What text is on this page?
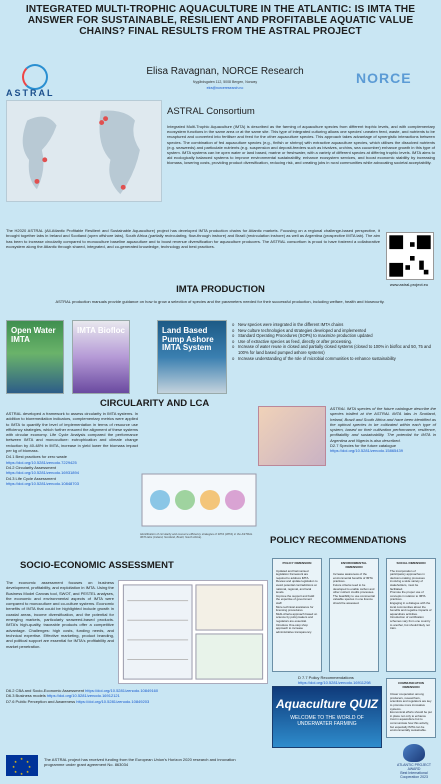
INTEGRATED MULTI-TROPHIC AQUACULTURE IN THE ATLANTIC: IS IMTA THE ANSWER FOR SUSTAINABLE, RESILIENT AND PROFITABLE AQUATIC VALUE CHAINS? FINAL RESULTS FROM THE ASTRAL PROJECT
ASTRAL
Elisa Ravagnan, NORCE Research
Nygårdsgaten 112, 5008 Bergen, Norway
elra@norceresearch.no
NORCE
ASTRAL Consortium
Integrated Multi-Trophic Aquaculture (IMTA) is described as the farming of aquaculture species from different trophic levels, and with complementary ecosystem functions in the same area or at the same site. This type of integrated culturing allows one species' uneaten feed, waste, and nutrients to be recaptured and converted into fertiliser and feed for the other aquaculture species. This approach takes advantage of synergistic interactions between species. The combination of fed aquaculture species (e.g., finfish or shrimp) with extractive aquaculture species, which utilises the dissolved nutrients (e.g. seaweeds) and particulate nutrients (e.g. suspension and deposit-feeders such as bivalves, urchins, sea cucumber) enhance growth in this type of system. IMTA systems can be open water or land based, marine or freshwater, with a variety of different species at differing trophic levels. IMTA aims to aid ecologically balanced systems to improve environmental sustainability, enhance ecosystem services, and boost economic stability by increasing biomass, lowering costs, providing product diversification, reducing risk, and creating jobs in rural communities while advocating societal acceptability.
The H2020 ASTRAL (All-Atlantic Profitable Resilient and Sustainable Aquaculture) project has developed IMTA production chains for Atlantic markets. Focusing on a regional challenge-based perspective, it brought together labs in Ireland and Scotland (open offshore labs), South Africa (partially recirculating, flow-through inshore) and Brazil (recirculation inshore) as well as Argentina (prospective IMTA lab). The aim has been to increase circularity compared to monoculture baseline aquaculture and to boost revenue diversification for aquaculture producers. The ASTRAL consortium is proud to have fostered a collaborative ecosystem along the Atlantic through shared, integrated, and co-generated knowledge, technology and best practices.
www.astral-project.eu
IMTA PRODUCTION
ASTRAL production manuals provide guidance on how to grow a selection of species and the parameters needed for their successful production, including welfare, health and biosecurity.
Open Water IMTA
IMTA Bioflоc	Land Based Pump Ashore IMTA System
o New species were integrated in the different IMTA chains
o New culture technologies and strategies developed and implemented
o Standard Operating Procedures (SOPs) to maximize production updated
o Use of extractive species as feed, directly or after processing.
o Increase of water reuse in closed and partially closed systems (closed to 100% in biofloc and 50, 75 and 100% for land based pumped ashore systems)
o Increase understanding of the role of microbial communities to enhance sustainability
CIRCULARITY AND LCA
ASTRAL developed a framework to assess circularity in IMTA systems. In addition to bioremediation indicators, complementary metrics were applied to IMTA to quantify the level of implementation in terms of resource use efficiency strategies, which further ensured the alignment of these systems with circular economy. Life Cycle Analysis compared the performance between IMTA and monoculture: eutrophication and climate change reduction by 40-48% in IMTA, increase in yield lower the biomass impact per kg of biomass.
D4.1 Best practices for zero waste
https://doi.org/10.5281/zenodo.7229425
D4.2 Circularity Assessment
https://doi.org/10.5281/zenodo.16931894
D4.3 Life Cycle Assessment
https://doi.org/10.5281/zenodo.10848703
Identification of circularity and resource efficiency strategies of IMTA (IMTA) in the ASTRAL IMTA labs (Ireland, Scotland, Brazil, South Africa).
ASTRAL IMTA species of the future catalogue describe the species trialled at the ASTRAL IMTA labs in Scotland, Ireland, Brazil and South Africa and have been identified as the optimal species to be cultivated within each type of system, based on their cultivation performance, resilience, profitability and sustainability. The potential for IMTA in Argentina and Nigeria is also described.
D2.7 Species for the future catalogue
https://doi.org/10.5281/zenodo.15865439
POLICY RECOMMENDATIONS
POLICY DIMENSION
Updated and harmonised legislation framework are required to address IMTA.
Review and update legislation to avoid potential contradictions at national, regional, and local levels.
Improve the support and build the expertise of government staff.
More technical assistance for licensing procedures.
Multi-criteria approach based on science by policymakers and regulators are essential.
Introduce One-stop shop approach to increase administrative transparency.
ENVIRONMENTAL DIMENSION
Increase awareness of the environmental benefits of IMTA practices.
Future criteria need to be developed to enable carbon and other nutrient credits processes.
The feasibility to use commercial valuable species in one licence should be assessed.
SOCIAL DIMENSION
The incorporation of participatory approaches in decision-making processes involving a wide variety of stakeholders, must be facilitated.
Promote the proper use of concepts in relation to IMTA practices.
Engaging in a dialogue with the local communities about the benefits and negative impacts of aquaculture activities.
Introduction of certification schemes vary from one country to another, but should likely not train.
COMMUNICATION DIMENSION
Closer cooperation among producers, researchers, scientists and regulators are key to promote more innovative systems.
Economical efforts should be put in place not only to enhance trust in aquaculture but to communicate how this activity, but especially IMTA can be environmentally sustainable.
D 7.7 Policy Recommendations
https://doi.org/10.5281/zenodo.16911298
Aquaculture QUIZ
WELCOME TO THE WORLD OF UNDERWATER FARMING
SOCIO-ECONOMIC ASSESSMENT
The economic assessment focuses on business development, profitability, and exploitation in IMTA. Using the Business Model Canvas tool, SWOT, and PESTEL analyses, the economic and environmental aspects of IMTA were compared to monoculture and co-culture systems. Economic benefits of IMTA that could be highlighted include growth in coastal areas, income diversification, and the potential for emerging markets, particularly seaweed-based products. IMTA's high-quality, traceable products offer a competitive advantage. Challenges: high costs, funding needs, and technical expertise. Effective marketing, product branding, and political support are essential for IMTA's profitability and market penetration.
D6.2 CBA and Socio-Economic Assessment https://doi.org/10.5281/zenodo.10849160
D6.3 Business models https://doi.org/10.5281/zenodo.16912121
D7.6 Public Perception and Awareness https://doi.org/10.5281/zenodo.10849203
★
★
★
★
★
★
★
★	The ASTRAL project has received funding from the European Union's Horizon 2020 research and innovation programme under grant agreement No. 863034	ATLANTIC PROJECT AWARD
Best International Cooperation 2023
